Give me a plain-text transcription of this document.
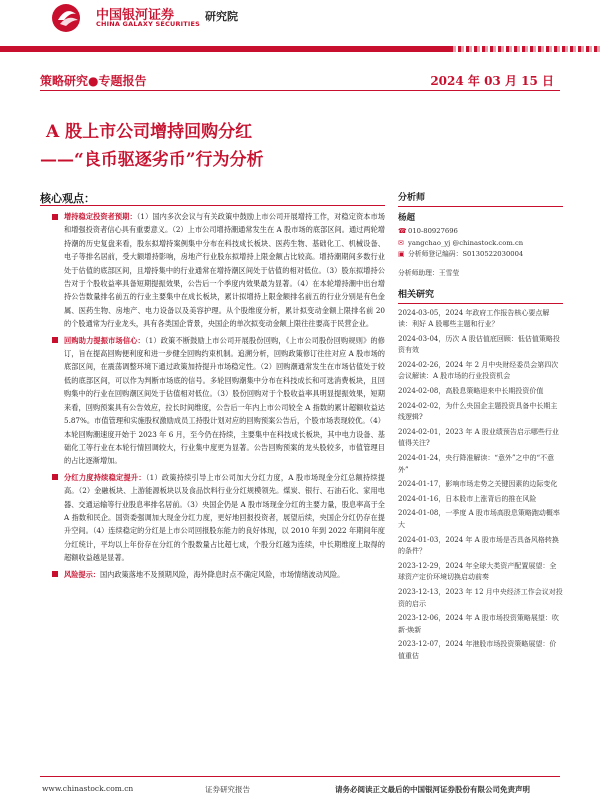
中国银河证券
CHINA GALAXY SECURITIES
研究院
策略研究●专题报告	2024 年 03 月 15 日
A 股上市公司增持回购分红
——“良币驱逐劣币”行为分析
核心观点：

增持稳定投资者预期：（1）国内多次会议与有关政策中鼓励上市公司开展增持工作，对稳定资本市场和增强投资者信心具有重要意义。（2）上市公司增持潮通常发生在 A 股市场的底部区间。通过两轮增持潮的历史复盘来看，股东拟增持案例集中分布在科技成长板块、医药生物、基础化工、机械设备、电子等排名居前，受大额增持影响，房地产行业股东拟增持上限金额占比较高。增持潮期间多数行业处于估值的底部区间，且增持集中的行业通常在增持潮区间处于估值的相对低位。（3）股东拟增持公告对于个股收益率具备短期提振效果，公告后一个季度内效果最为显著。（4）在本轮增持潮中出台增持公告数量排名前五的行业主要集中在成长板块，累计拟增持上限金额排名前五的行业分别是有色金属、医药生物、房地产、电力设备以及美容护理。从个股维度分析，累计拟变动金额上限排名前 20 的个股通常为行业龙头，具有各类国企背景，央国企的单次拟变动金额上限往往要高于民营企业。

回购助力提振市场信心：（1）政策不断鼓励上市公司开展股份回购，《上市公司股份回购规则》的修订，旨在提高回购便利度和进一步健全回购约束机制。追溯分析，回购政策修订往往对应 A 股市场的底部区间，在震荡调整环境下通过政策加持提升市场稳定性。（2）回购潮通常发生在市场估值处于较低的底部区间，可以作为判断市场底的信号。多轮回购潮集中分布在科技成长和可选消费板块，且回购集中的行业在回购潮区间处于估值相对低位。（3）股份回购对于个股收益率具明显提振效果，短期来看，回购预案具有公告效应，拉长时间维度，公告后一年内上市公司较全 A 指数的累计超额收益达 5.87%。市值管理和实施股权激励成员工持股计划对应的回购预案公告后，个股市场表现较优。（4）本轮回购潮速度开始于 2023 年 6 月，至今仍在持续，主要集中在科技成长板块，其中电力设备、基础化工等行业在本轮行情回调较大，行业集中度更为显著。公告回购预案的龙头股较多，市值管理目的占比逐渐增加。

分红力度持续稳定提升：（1）政策持续引导上市公司加大分红力度，A 股市场现金分红总额持续提高。（2）金融板块、上游能源板块以及食品饮料行业分红规模领先。煤炭、银行、石油石化、家用电器、交通运输等行业股息率排名居前。（3）央国企仍是 A 股市场现金分红的主要力量，股息率高于全 A 指数和民企。国资委强调加大现金分红力度，更好地回报投资者，展望后续，央国企分红仍存在提升空间。（4）连续稳定的分红是上市公司回报股东能力的良好体现，以 2010 年到 2022 年期间年度分红统计，平均以上年份存在分红的个股数量占比超七成，个股分红越为连续，中长期维度上取得的超额收益越是显著。

风险提示：国内政策落地不及预期风险，海外降息时点不确定风险，市场情绪波动风险。

分析师
杨超
☎ 010-80927696
✉ yangchao_yj @chinastock.com.cn
▣ 分析师登记编码：S0130522030004
分析师助理：王雪莹
相关研究
2024-03-05，2024 年政府工作报告核心要点解读：利好 A 股哪些主题和行业？
2024-03-04，历次 A 股估值底回顾：低估值策略投资有效
2024-02-26，2024 年 2 月中央财经委员会第四次会议解读：A 股市场的行业投资机会
2024-02-08，高股息策略迎来中长期投资价值
2024-02-02，为什么央国企主题投资具备中长期主线逻辑?
2024-02-01，2023 年 A 股业绩预告启示哪些行业值得关注?
2024-01-24，央行降准解读：“意外”之中的“不意外”
2024-01-17，影响市场走势之关键因素的边际变化
2024-01-16，日本股市上涨背后的推在风险
2024-01-08，一季度 A 股市场高股息策略跑动概率大
2024-01-03，2024 年 A 股市场是否具备风格转换的条件？
2023-12-29，2024 年全球大类资产配置展望：全球资产定价环境切换启动前奏
2023-12-13，2023 年 12 月中央经济工作会议对投资的启示
2023-12-06，2024 年 A 股市场投资策略展望：吹新·焕新
2023-12-07，2024 年港股市场投资策略展望：价值重估
www.chinastock.com.cn	证券研究报告	请务必阅读正文最后的中国银河证券股份有限公司免责声明
